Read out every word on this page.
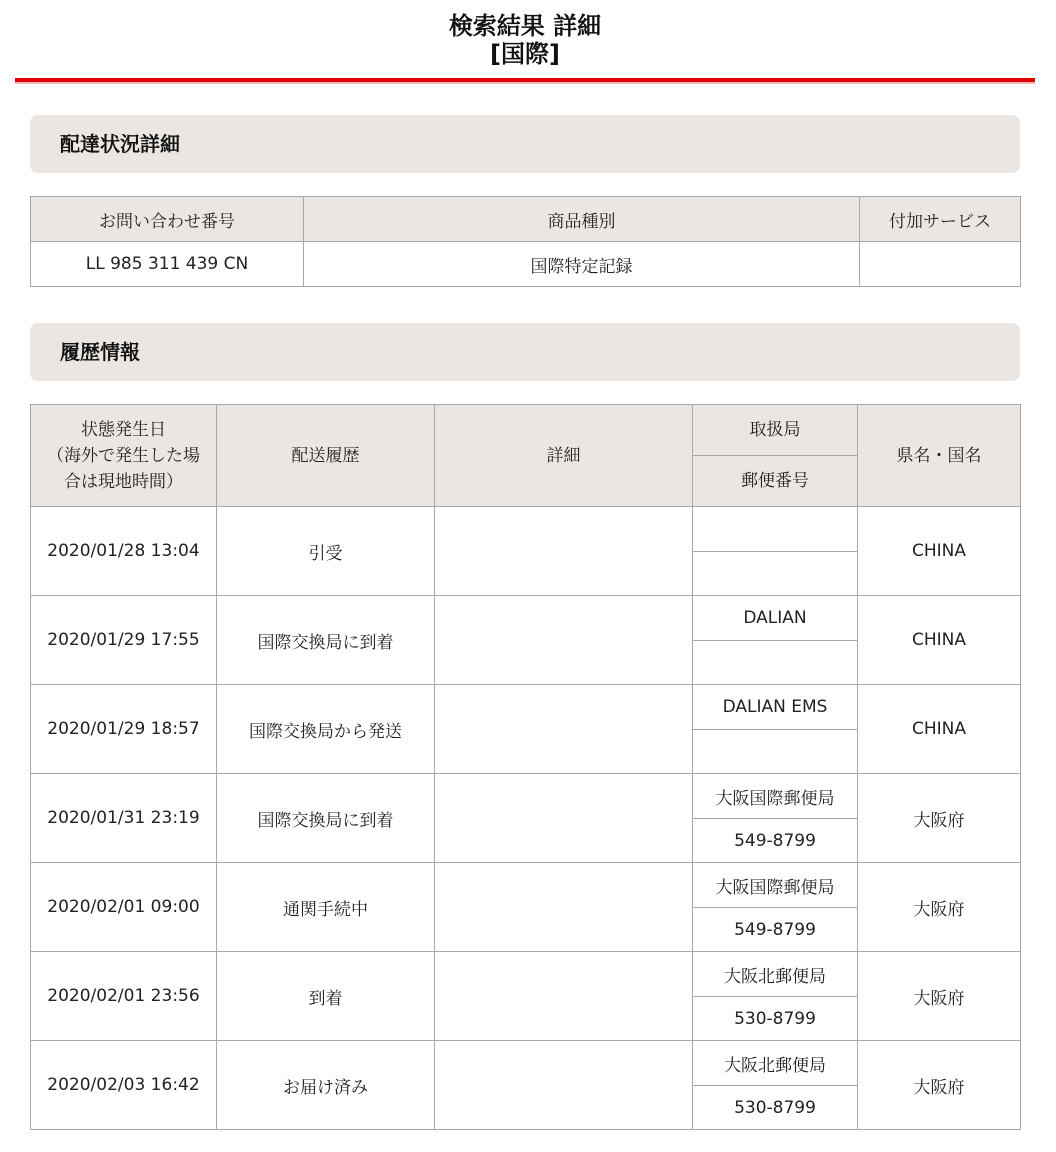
検索結果 詳細
[国際]
配達状況詳細
お問い合わせ番号	商品種別	付加サービス
LL 985 311 439 CN	国際特定記録	
履歴情報
状態発生日
（海外で発生した場
合は現地時間）	配送履歴	詳細	取扱局	県名・国名
			郵便番号	
2020/01/28 13:04	引受			CHINA

2020/01/29 17:55	国際交換局に到着		DALIAN	CHINA

2020/01/29 18:57	国際交換局から発送		DALIAN EMS	CHINA

2020/01/31 23:19	国際交換局に到着		大阪国際郵便局	大阪府
			549-8799	
2020/02/01 09:00	通関手続中		大阪国際郵便局	大阪府
			549-8799	
2020/02/01 23:56	到着		大阪北郵便局	大阪府
			530-8799	
2020/02/03 16:42	お届け済み		大阪北郵便局	大阪府
			530-8799	
